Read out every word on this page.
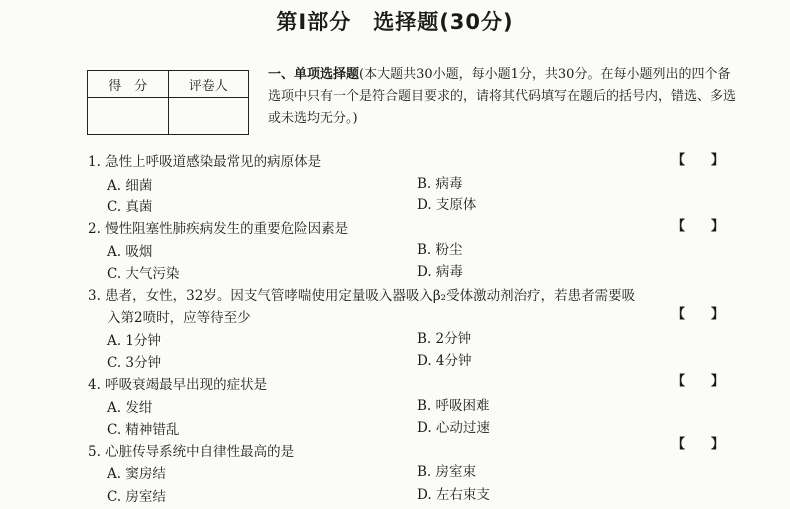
第Ⅰ部分　选择题(30分)
得　分	评卷人

一、单项选择题(本大题共30小题，每小题1分，共30分。在每小题列出的四个备选项中只有一个是符合题目要求的，请将其代码填写在题后的括号内，错选、多选或未选均无分。)
1. 急性上呼吸道感染最常见的病原体是	【　　】
A. 细菌	B. 病毒
C. 真菌	D. 支原体
2. 慢性阻塞性肺疾病发生的重要危险因素是	【　　】
A. 吸烟	B. 粉尘
C. 大气污染	D. 病毒
3. 患者，女性，32岁。因支气管哮喘使用定量吸入器吸入β₂受体激动剂治疗，若患者需要吸
入第2喷时，应等待至少	【　　】
A. 1分钟	B. 2分钟
C. 3分钟	D. 4分钟
4. 呼吸衰竭最早出现的症状是	【　　】
A. 发绀	B. 呼吸困难
C. 精神错乱	D. 心动过速
5. 心脏传导系统中自律性最高的是	【　　】
A. 窦房结	B. 房室束
C. 房室结	D. 左右束支
